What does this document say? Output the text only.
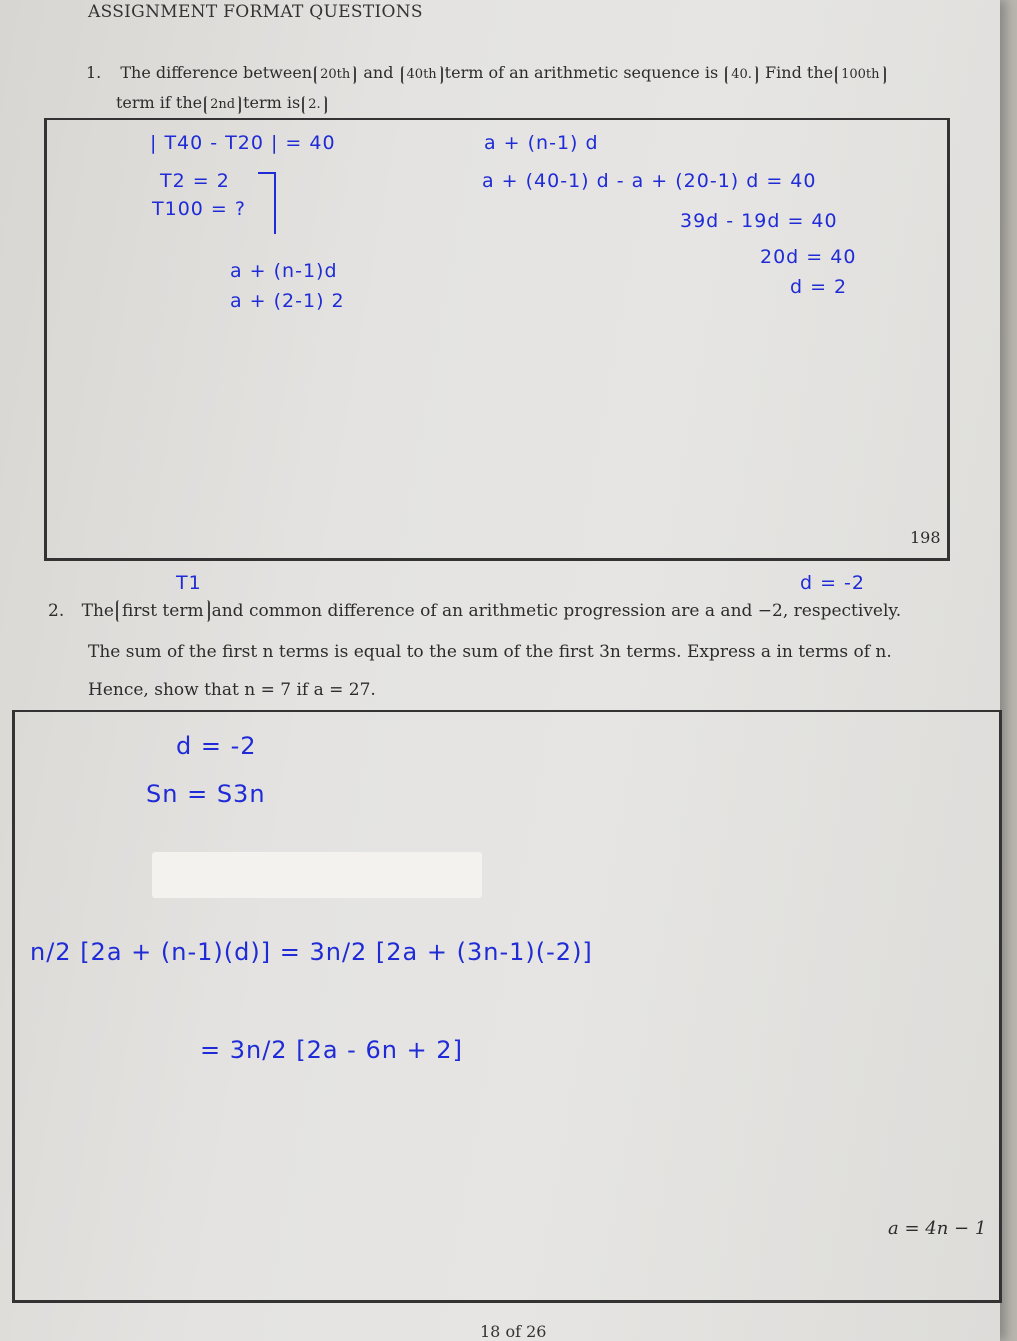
ASSIGNMENT FORMAT QUESTIONS
1. The difference between 20th and 40th term of an arithmetic sequence is 40. Find the 100th
term if the 2nd term is 2.
| T40 - T20 | = 40
T2 = 2
T100 = ?
a + (n-1)d
a + (2-1) 2
a + (n-1) d
a + (40-1) d - a + (20-1) d = 40
39d - 19d = 40
20d = 40
d = 2
198
T1	d = -2
2. The first term and common difference of an arithmetic progression are a and −2, respectively.
The sum of the first n terms is equal to the sum of the first 3n terms. Express a in terms of n.
Hence, show that n = 7 if a = 27.
d = -2
Sn = S3n
n/2 [2a + (n-1)(d)] = 3n/2 [2a + (3n-1)(-2)]
= 3n/2 [2a - 6n + 2]
a = 4n − 1
18 of 26
